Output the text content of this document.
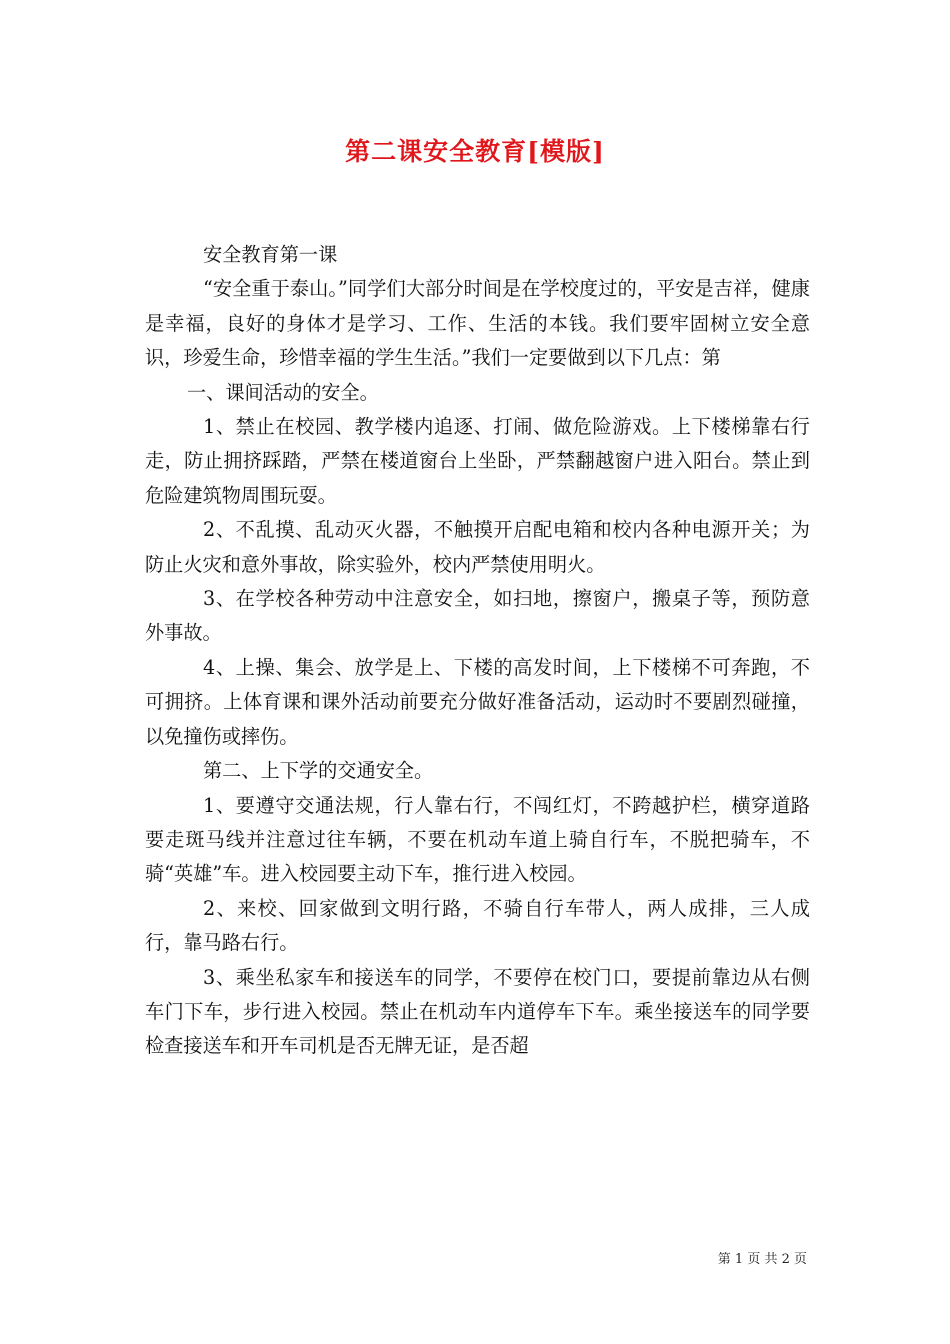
第二课安全教育[模版]

安全教育第一课

“安全重于泰山。”同学们大部分时间是在学校度过的，平安是吉祥，健康是幸福，良好的身体才是学习、工作、生活的本钱。我们要牢固树立安全意识，珍爱生命，珍惜幸福的学生生活。”我们一定要做到以下几点：第

一、课间活动的安全。

1、禁止在校园、教学楼内追逐、打闹、做危险游戏。上下楼梯靠右行走，防止拥挤踩踏，严禁在楼道窗台上坐卧，严禁翻越窗户进入阳台。禁止到危险建筑物周围玩耍。

2、不乱摸、乱动灭火器，不触摸开启配电箱和校内各种电源开关；为防止火灾和意外事故，除实验外，校内严禁使用明火。

3、在学校各种劳动中注意安全，如扫地，擦窗户，搬桌子等，预防意外事故。

4、上操、集会、放学是上、下楼的高发时间，上下楼梯不可奔跑，不可拥挤。上体育课和课外活动前要充分做好准备活动，运动时不要剧烈碰撞，以免撞伤或摔伤。

第二、上下学的交通安全。

1、要遵守交通法规，行人靠右行，不闯红灯，不跨越护栏，横穿道路要走斑马线并注意过往车辆，不要在机动车道上骑自行车，不脱把骑车，不骑“英雄”车。进入校园要主动下车，推行进入校园。

2、来校、回家做到文明行路，不骑自行车带人，两人成排，三人成行，靠马路右行。

3、乘坐私家车和接送车的同学，不要停在校门口，要提前靠边从右侧车门下车，步行进入校园。禁止在机动车内道停车下车。乘坐接送车的同学要检查接送车和开车司机是否无牌无证，是否超

第 1 页 共 2 页
